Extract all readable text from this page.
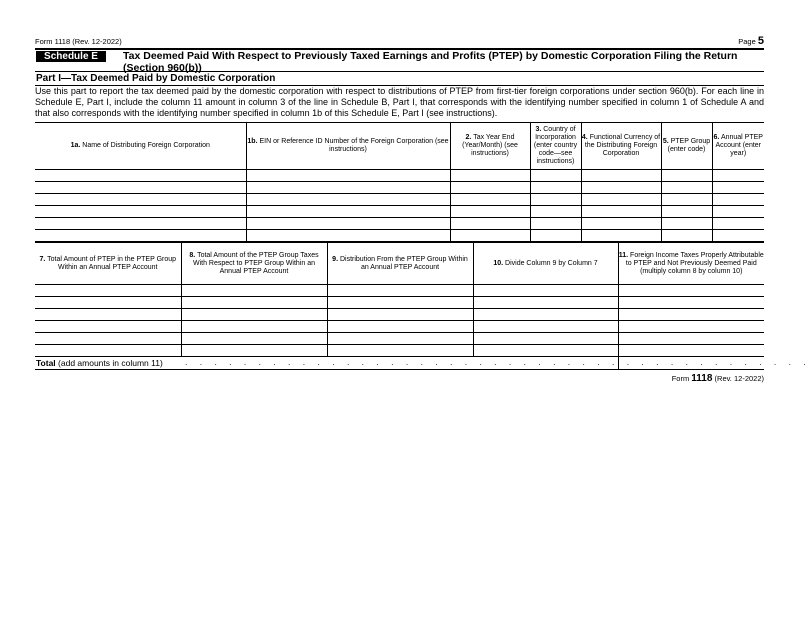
Form 1118 (Rev. 12-2022)	Page 5
Schedule E	Tax Deemed Paid With Respect to Previously Taxed Earnings and Profits (PTEP) by Domestic Corporation Filing the Return (Section 960(b))
Part I—Tax Deemed Paid by Domestic Corporation
Use this part to report the tax deemed paid by the domestic corporation with respect to distributions of PTEP from first-tier foreign corporations under section 960(b). For each line in Schedule E, Part I, include the column 11 amount in column 3 of the line in Schedule B, Part I, that corresponds with the identifying number specified in column 1 of Schedule A and that also corresponds with the identifying number specified in column 1b of this Schedule E, Part I (see instructions).
1a. Name of Distributing Foreign Corporation	1b. EIN or Reference ID Number of the Foreign Corporation (see instructions)	2. Tax Year End (Year/Month) (see instructions)	3. Country of Incorporation (enter country code—see instructions)	4. Functional Currency of the Distributing Foreign Corporation	5. PTEP Group (enter code)	6. Annual PTEP Account (enter year)

7. Total Amount of PTEP in the PTEP Group Within an Annual PTEP Account	8. Total Amount of the PTEP Group Taxes With Respect to PTEP Group Within an Annual PTEP Account	9. Distribution From the PTEP Group Within an Annual PTEP Account	10. Divide Column 9 by Column 7	11. Foreign Income Taxes Properly Attributable to PTEP and Not Previously Deemed Paid (multiply column 8 by column 10)

Total (add amounts in column 11)	. . . . . . . . . . . . . . . . . . . . . . . . . . . . . . . . . . . . . . . . . . .
Form 1118 (Rev. 12-2022)
